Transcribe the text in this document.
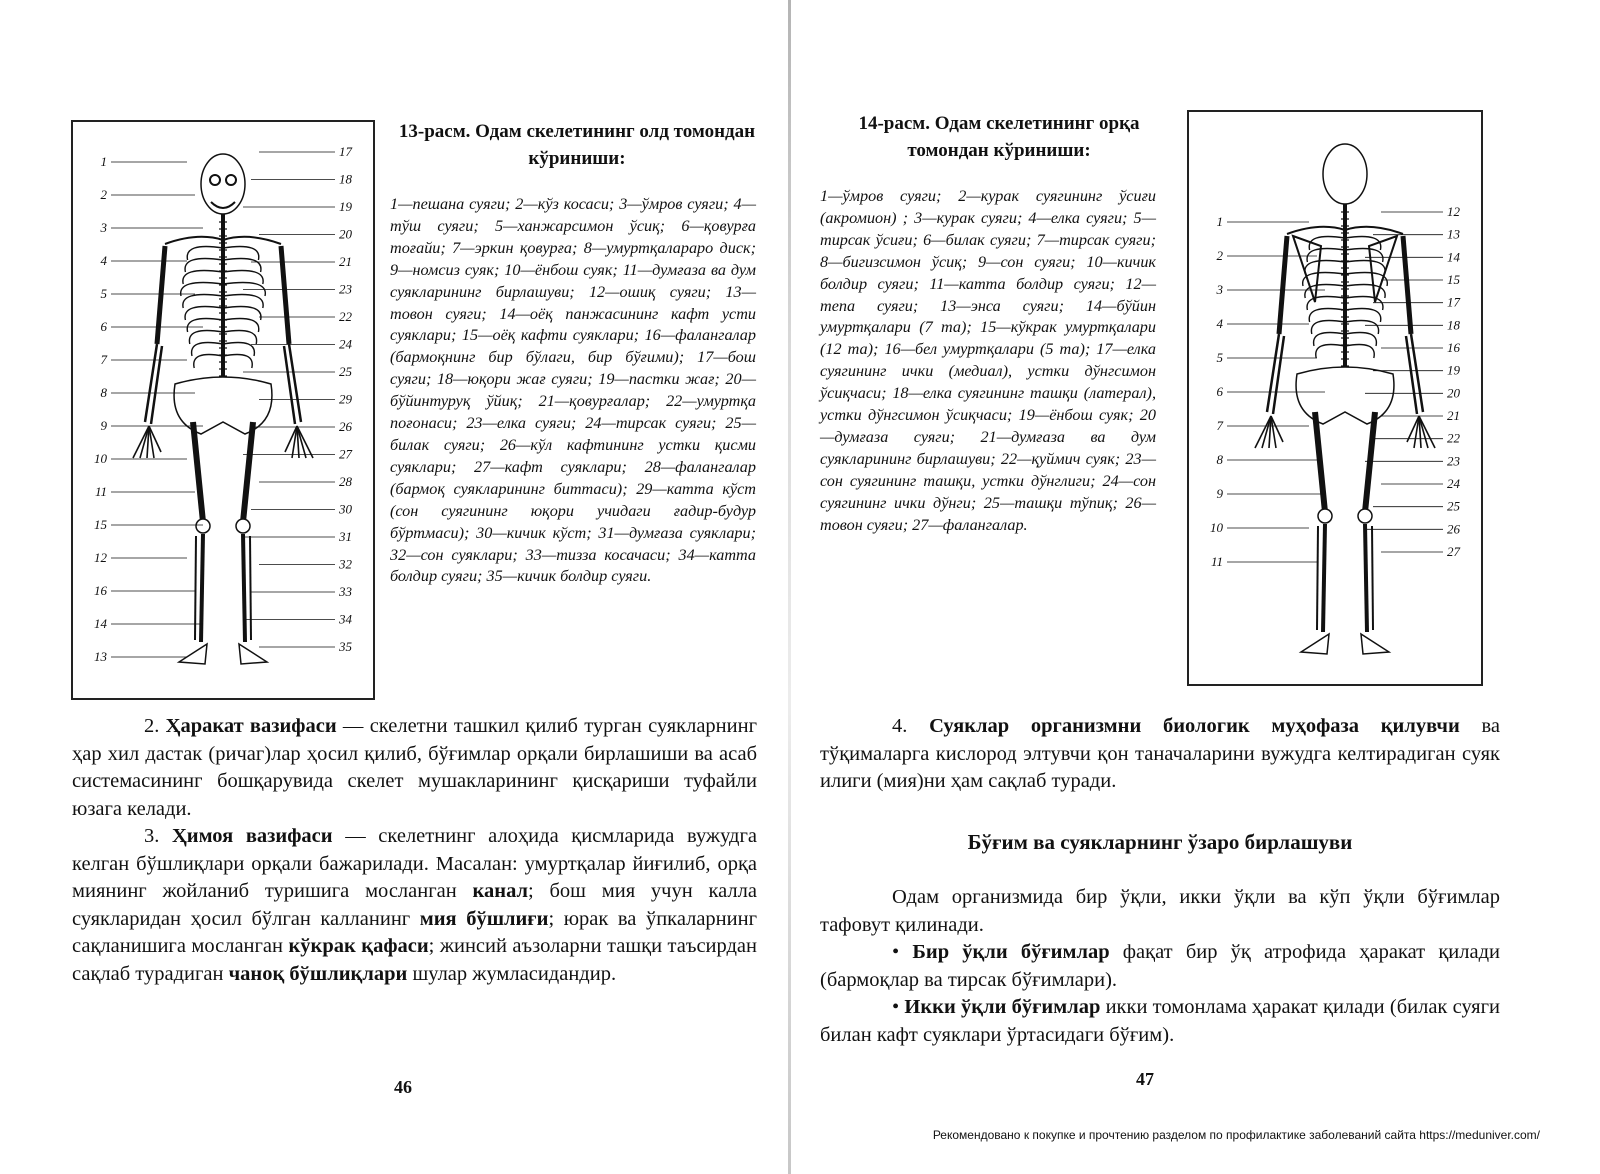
1
2
3
4
5
6
7
8
9
10
11
15
12
16
14
13
17
18
19
20
21
23
22
24
25
29
26
27
28
30
31
32
33
34
35
13-расм. Одам скелетининг олд томондан кўриниши:
1—пешана суяги; 2—кўз косаси; 3—ўмров суяги; 4—тўш суяги; 5—ханжарсимон ўсиқ; 6—қовурға тоғайи; 7—эркин қовурға; 8—умуртқалараро диск; 9—номсиз суяк; 10—ёнбош суяк; 11—думғаза ва дум суякларининг бирлашуви; 12—ошиқ суяги; 13—товон суяги; 14—оёқ панжасининг кафт усти суяклари; 15—оёқ кафти суяклари; 16—фалангалар (бармоқнинг бир бўлаги, бир бўғими); 17—бош суяги; 18—юқори жағ суяги; 19—пастки жағ; 20—бўйинтуруқ ўйиқ; 21—қовурғалар; 22—умуртқа поғонаси; 23—елка суяги; 24—тирсак суяги; 25—билак суяги; 26—кўл кафтининг устки қисми суяклари; 27—кафт суяклари; 28—фалангалар (бармоқ суякларининг биттаси); 29—катта кўст (сон суягининг юқори учидаги ғадир-будур бўртмаси); 30—кичик кўст; 31—думғаза суяклари; 32—сон суяклари; 33—тизза косачаси; 34—катта болдир суяги; 35—кичик болдир суяги.

2. Ҳаракат вазифаси — скелетни ташкил қилиб турган суякларнинг ҳар хил дастак (ричаг)лар ҳосил қилиб, бўғимлар орқали бирлашиши ва асаб системасининг бошқарувида скелет мушакларининг қисқариши туфайли юзага келади.

3. Ҳимоя вазифаси — скелетнинг алоҳида қисмларида вужудга келган бўшлиқлари орқали бажарилади. Масалан: умуртқалар йиғилиб, орқа миянинг жойланиб туришига мосланган канал; бош мия учун калла суякларидан ҳосил бўлган калланинг мия бўшлиғи; юрак ва ўпкаларнинг сақланишига мосланган кўкрак қафаси; жинсий аъзоларни ташқи таъсирдан сақлаб турадиган чаноқ бўшлиқлари шулар жумласидандир.

46
14-расм. Одам скелетининг орқа томондан кўриниши:
1—ўмров суяги; 2—курак суягининг ўсиғи (акромион) ; 3—курак суяги; 4—елка суяги; 5—тирсак ўсиғи; 6—билак суяги; 7—тирсак суяги; 8—бигизсимон ўсиқ; 9—сон суяги; 10—кичик болдир суяги; 11—катта болдир суяги; 12—тепа суяги; 13—энса суяги; 14—бўйин умуртқалари (7 та); 15—кўкрак умуртқалари (12 та); 16—бел умуртқалари (5 та); 17—елка суягининг ички (медиал), устки дўнгсимон ўсиқчаси; 18—елка суягининг ташқи (латерал), устки дўнгсимон ўсиқчаси; 19—ёнбош суяк; 20—думғаза суяги; 21—думғаза ва дум суякларининг бирлашуви; 22—қуймич суяк; 23—сон суягининг ташқи, устки дўнглиги; 24—сон суягининг ички дўнги; 25—ташқи тўпиқ; 26—товон суяги; 27—фалангалар.
1
2
3
4
5
6
7
8
9
10
11
12
13
14
15
17
18
16
19
20
21
22
23
24
25
26
27

4. Суяклар организмни биологик муҳофаза қилувчи ва тўқималарга кислород элтувчи қон таначаларини вужудга келтирадиган суяк илиги (мия)ни ҳам сақлаб туради.

Бўғим ва суякларнинг ўзаро бирлашуви

Одам организмида бир ўқли, икки ўқли ва кўп ўқли бўғимлар тафовут қилинади.

• Бир ўқли бўғимлар фақат бир ўқ атрофида ҳаракат қилади (бармоқлар ва тирсак бўғимлари).

• Икки ўқли бўғимлар икки томонлама ҳаракат қилади (билак суяги билан кафт суяклари ўртасидаги бўғим).

47
Рекомендовано к покупке и прочтению разделом по профилактике заболеваний сайта https://meduniver.com/
